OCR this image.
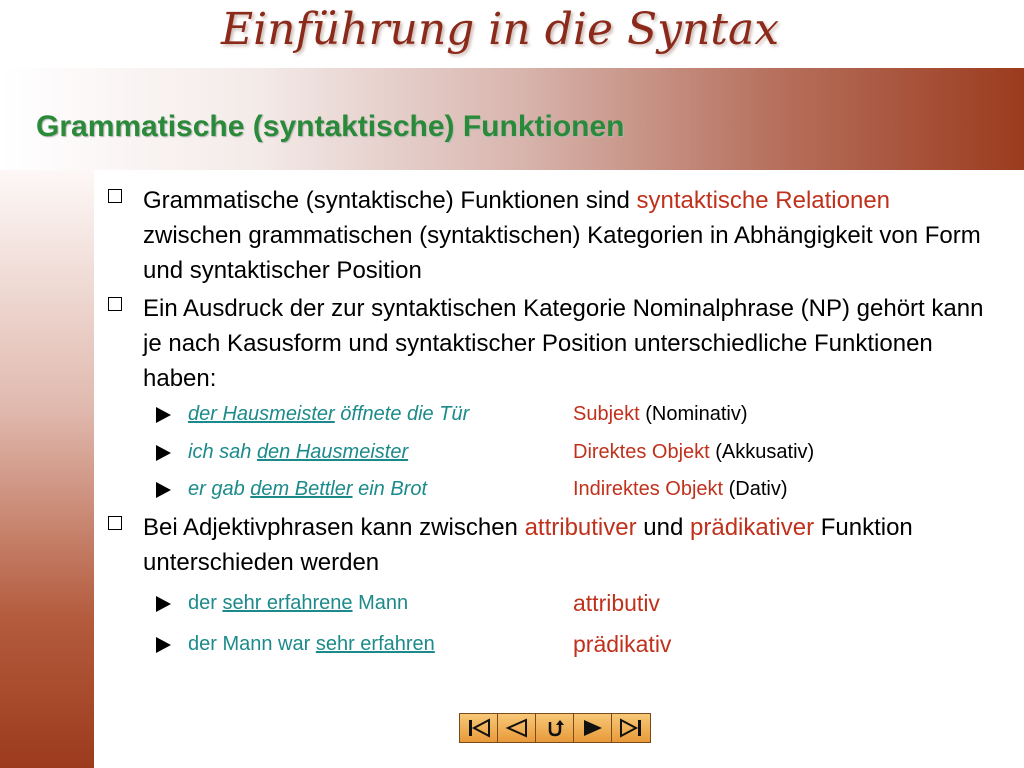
Einführung in die Syntax
Grammatische (syntaktische) Funktionen
Grammatische (syntaktische) Funktionen sind syntaktische Relationen zwischen grammatischen (syntaktischen) Kategorien in Abhängigkeit von Form und syntaktischer Position
Ein Ausdruck der zur syntaktischen Kategorie Nominalphrase (NP) gehört kann je nach Kasusform und syntaktischer Position unterschiedliche Funktionen haben:
der Hausmeister öffnete die Tür	Subjekt (Nominativ)
ich sah den Hausmeister	Direktes Objekt (Akkusativ)
er gab dem Bettler ein Brot	Indirektes Objekt (Dativ)
Bei Adjektivphrasen kann zwischen attributiver und prädikativer Funktion unterschieden werden
der sehr erfahrene Mann	attributiv
der Mann war sehr erfahren	prädikativ
